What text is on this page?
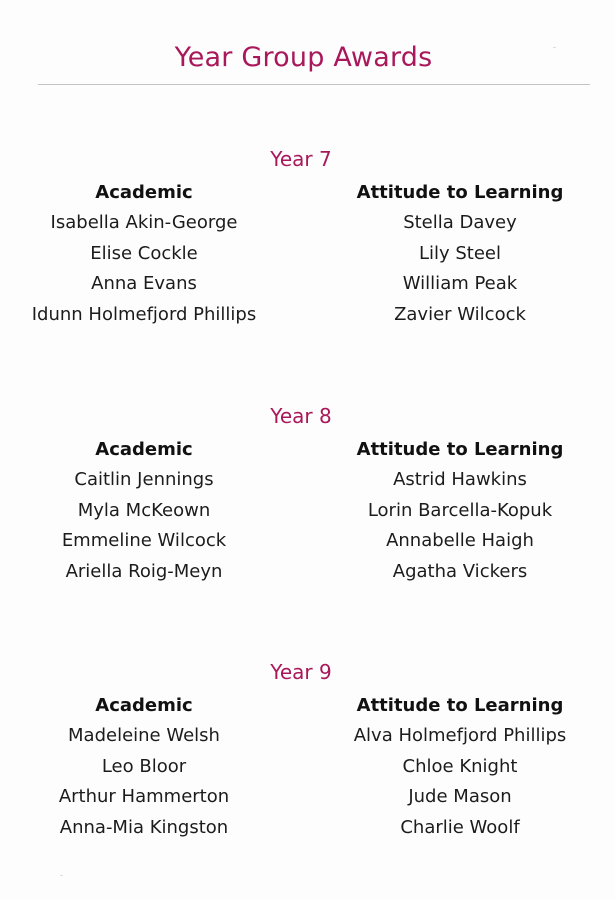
Year Group Awards
Year 7
Academic
Isabella Akin-George
Elise Cockle
Anna Evans
Idunn Holmefjord Phillips
Attitude to Learning
Stella Davey
Lily Steel
William Peak
Zavier Wilcock
Year 8
Academic
Caitlin Jennings
Myla McKeown
Emmeline Wilcock
Ariella Roig-Meyn
Attitude to Learning
Astrid Hawkins
Lorin Barcella-Kopuk
Annabelle Haigh
Agatha Vickers
Year 9
Academic
Madeleine Welsh
Leo Bloor
Arthur Hammerton
Anna-Mia Kingston
Attitude to Learning
Alva Holmefjord Phillips
Chloe Knight
Jude Mason
Charlie Woolf
